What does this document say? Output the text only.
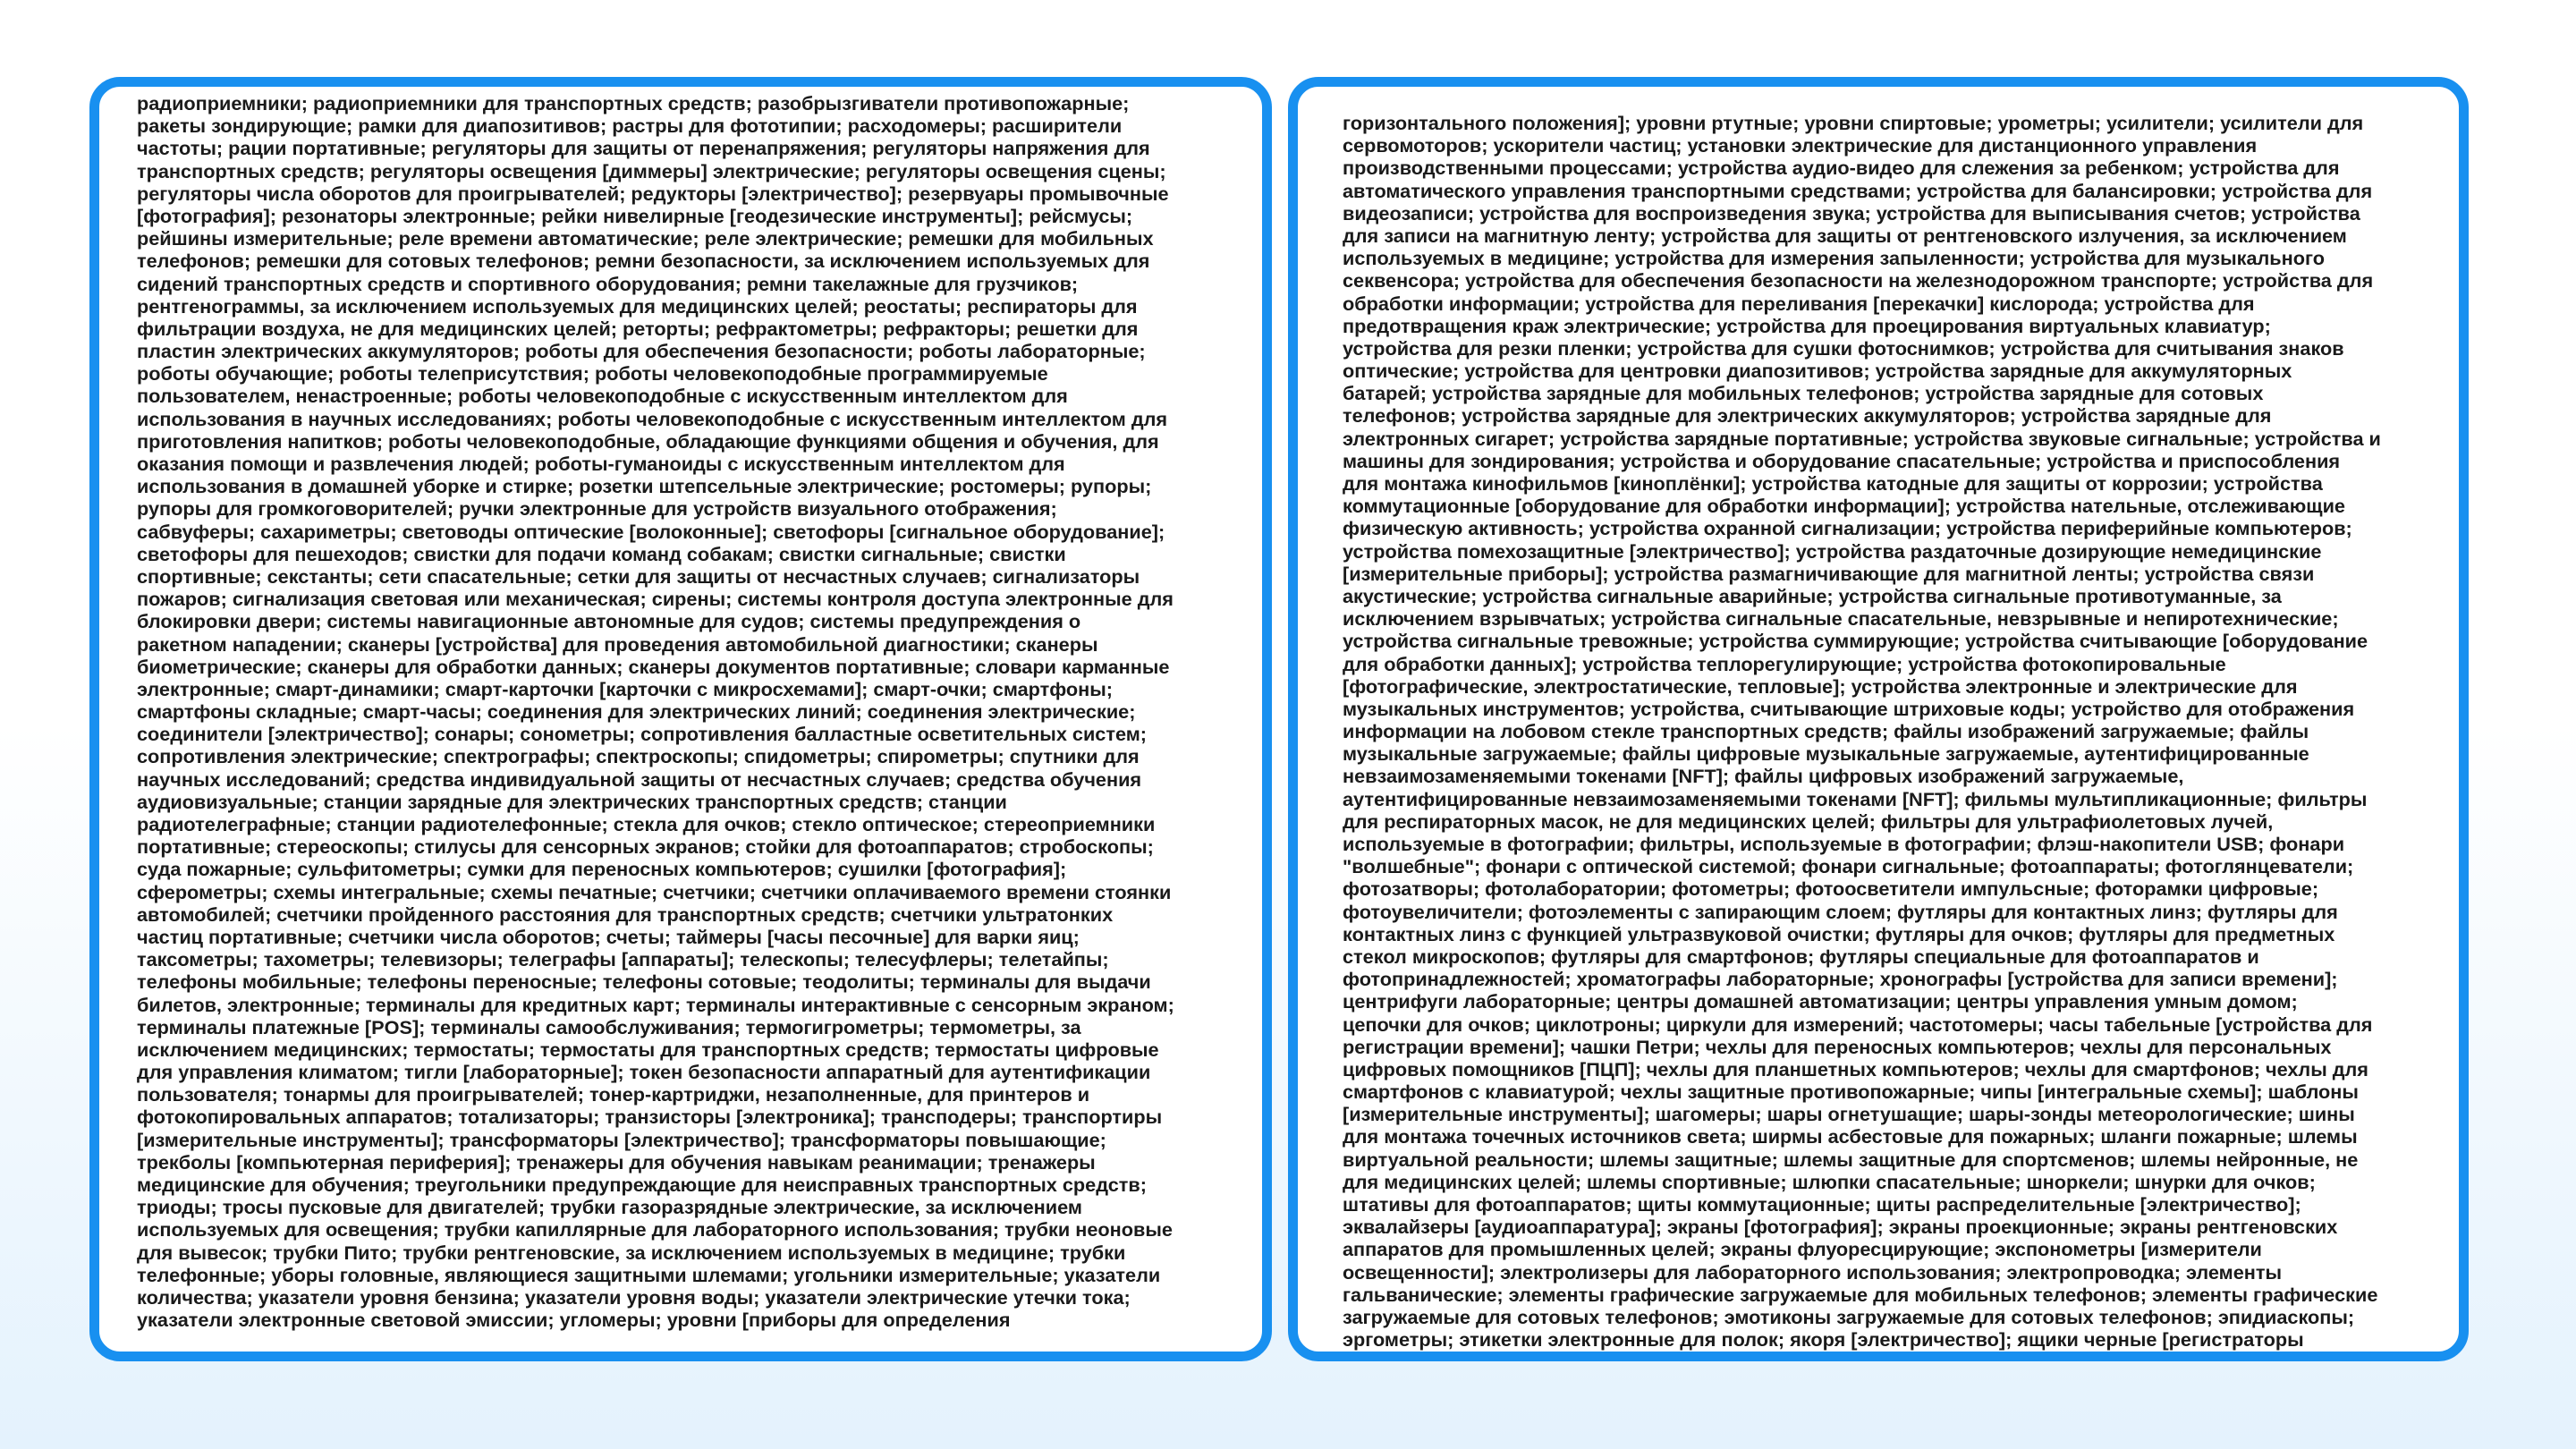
радиоприемники; радиоприемники для транспортных средств; разобрызгиватели противопожарные;
ракеты зондирующие; рамки для диапозитивов; растры для фототипии; расходомеры; расширители
частоты; рации портативные; регуляторы для защиты от перенапряжения; регуляторы напряжения для
транспортных средств; регуляторы освещения [диммеры] электрические; регуляторы освещения сцены;
регуляторы числа оборотов для проигрывателей; редукторы [электричество]; резервуары промывочные
[фотография]; резонаторы электронные; рейки нивелирные [геодезические инструменты]; рейсмусы;
рейшины измерительные; реле времени автоматические; реле электрические; ремешки для мобильных
телефонов; ремешки для сотовых телефонов; ремни безопасности, за исключением используемых для
сидений транспортных средств и спортивного оборудования; ремни такелажные для грузчиков;
рентгенограммы, за исключением используемых для медицинских целей; реостаты; респираторы для
фильтрации воздуха, не для медицинских целей; реторты; рефрактометры; рефракторы; решетки для
пластин электрических аккумуляторов; роботы для обеспечения безопасности; роботы лабораторные;
роботы обучающие; роботы телеприсутствия; роботы человекоподобные программируемые
пользователем, ненастроенные; роботы человекоподобные с искусственным интеллектом для
использования в научных исследованиях; роботы человекоподобные с искусственным интеллектом для
приготовления напитков; роботы человекоподобные, обладающие функциями общения и обучения, для
оказания помощи и развлечения людей; роботы-гуманоиды с искусственным интеллектом для
использования в домашней уборке и стирке; розетки штепсельные электрические; ростомеры; рупоры;
рупоры для громкоговорителей; ручки электронные для устройств визуального отображения;
сабвуферы; сахариметры; световоды оптические [волоконные]; светофоры [сигнальное оборудование];
светофоры для пешеходов; свистки для подачи команд собакам; свистки сигнальные; свистки
спортивные; секстанты; сети спасательные; сетки для защиты от несчастных случаев; сигнализаторы
пожаров; сигнализация световая или механическая; сирены; системы контроля доступа электронные для
блокировки двери; системы навигационные автономные для судов; системы предупреждения о
ракетном нападении; сканеры [устройства] для проведения автомобильной диагностики; сканеры
биометрические; сканеры для обработки данных; сканеры документов портативные; словари карманные
электронные; смарт-динамики; смарт-карточки [карточки с микросхемами]; смарт-очки; смартфоны;
смартфоны складные; смарт-часы; соединения для электрических линий; соединения электрические;
соединители [электричество]; сонары; сонометры; сопротивления балластные осветительных систем;
сопротивления электрические; спектрографы; спектроскопы; спидометры; спирометры; спутники для
научных исследований; средства индивидуальной защиты от несчастных случаев; средства обучения
аудиовизуальные; станции зарядные для электрических транспортных средств; станции
радиотелеграфные; станции радиотелефонные; стекла для очков; стекло оптическое; стереоприемники
портативные; стереоскопы; стилусы для сенсорных экранов; стойки для фотоаппаратов; стробоскопы;
суда пожарные; сульфитометры; сумки для переносных компьютеров; сушилки [фотография];
сферометры; схемы интегральные; схемы печатные; счетчики; счетчики оплачиваемого времени стоянки
автомобилей; счетчики пройденного расстояния для транспортных средств; счетчики ультратонких
частиц портативные; счетчики числа оборотов; счеты; таймеры [часы песочные] для варки яиц;
таксометры; тахометры; телевизоры; телеграфы [аппараты]; телескопы; телесуфлеры; телетайпы;
телефоны мобильные; телефоны переносные; телефоны сотовые; теодолиты; терминалы для выдачи
билетов, электронные; терминалы для кредитных карт; терминалы интерактивные с сенсорным экраном;
терминалы платежные [POS]; терминалы самообслуживания; термогигрометры; термометры, за
исключением медицинских; термостаты; термостаты для транспортных средств; термостаты цифровые
для управления климатом; тигли [лабораторные]; токен безопасности аппаратный для аутентификации
пользователя; тонармы для проигрывателей; тонер-картриджи, незаполненные, для принтеров и
фотокопировальных аппаратов; тотализаторы; транзисторы [электроника]; трансподеры; транспортиры
[измерительные инструменты]; трансформаторы [электричество]; трансформаторы повышающие;
трекболы [компьютерная периферия]; тренажеры для обучения навыкам реанимации; тренажеры
медицинские для обучения; треугольники предупреждающие для неисправных транспортных средств;
триоды; тросы пусковые для двигателей; трубки газоразрядные электрические, за исключением
используемых для освещения; трубки капиллярные для лабораторного использования; трубки неоновые
для вывесок; трубки Пито; трубки рентгеновские, за исключением используемых в медицине; трубки
телефонные; уборы головные, являющиеся защитными шлемами; угольники измерительные; указатели
количества; указатели уровня бензина; указатели уровня воды; указатели электрические утечки тока;
указатели электронные световой эмиссии; угломеры; уровни [приборы для определения
горизонтального положения]; уровни ртутные; уровни спиртовые; урометры; усилители; усилители для
сервомоторов; ускорители частиц; установки электрические для дистанционного управления
производственными процессами; устройства аудио-видео для слежения за ребенком; устройства для
автоматического управления транспортными средствами; устройства для балансировки; устройства для
видеозаписи; устройства для воспроизведения звука; устройства для выписывания счетов; устройства
для записи на магнитную ленту; устройства для защиты от рентгеновского излучения, за исключением
используемых в медицине; устройства для измерения запыленности; устройства для музыкального
секвенсора; устройства для обеспечения безопасности на железнодорожном транспорте; устройства для
обработки информации; устройства для переливания [перекачки] кислорода; устройства для
предотвращения краж электрические; устройства для проецирования виртуальных клавиатур;
устройства для резки пленки; устройства для сушки фотоснимков; устройства для считывания знаков
оптические; устройства для центровки диапозитивов; устройства зарядные для аккумуляторных
батарей; устройства зарядные для мобильных телефонов; устройства зарядные для сотовых
телефонов; устройства зарядные для электрических аккумуляторов; устройства зарядные для
электронных сигарет; устройства зарядные портативные; устройства звуковые сигнальные; устройства и
машины для зондирования; устройства и оборудование спасательные; устройства и приспособления
для монтажа кинофильмов [киноплёнки]; устройства катодные для защиты от коррозии; устройства
коммутационные [оборудование для обработки информации]; устройства нательные, отслеживающие
физическую активность; устройства охранной сигнализации; устройства периферийные компьютеров;
устройства помехозащитные [электричество]; устройства раздаточные дозирующие немедицинские
[измерительные приборы]; устройства размагничивающие для магнитной ленты; устройства связи
акустические; устройства сигнальные аварийные; устройства сигнальные противотуманные, за
исключением взрывчатых; устройства сигнальные спасательные, невзрывные и непиротехнические;
устройства сигнальные тревожные; устройства суммирующие; устройства считывающие [оборудование
для обработки данных]; устройства теплорегулирующие; устройства фотокопировальные
[фотографические, электростатические, тепловые]; устройства электронные и электрические для
музыкальных инструментов; устройства, считывающие штриховые коды; устройство для отображения
информации на лобовом стекле транспортных средств; файлы изображений загружаемые; файлы
музыкальные загружаемые; файлы цифровые музыкальные загружаемые, аутентифицированные
невзаимозаменяемыми токенами [NFT]; файлы цифровых изображений загружаемые,
аутентифицированные невзаимозаменяемыми токенами [NFT]; фильмы мультипликационные; фильтры
для респираторных масок, не для медицинских целей; фильтры для ультрафиолетовых лучей,
используемые в фотографии; фильтры, используемые в фотографии; флэш-накопители USB; фонари
"волшебные"; фонари с оптической системой; фонари сигнальные; фотоаппараты; фотоглянцеватели;
фотозатворы; фотолаборатории; фотометры; фотоосветители импульсные; фоторамки цифровые;
фотоувеличители; фотоэлементы с запирающим слоем; футляры для контактных линз; футляры для
контактных линз с функцией ультразвуковой очистки; футляры для очков; футляры для предметных
стекол микроскопов; футляры для смартфонов; футляры специальные для фотоаппаратов и
фотопринадлежностей; хроматографы лабораторные; хронографы [устройства для записи времени];
центрифуги лабораторные; центры домашней автоматизации; центры управления умным домом;
цепочки для очков; циклотроны; циркули для измерений; частотомеры; часы табельные [устройства для
регистрации времени]; чашки Петри; чехлы для переносных компьютеров; чехлы для персональных
цифровых помощников [ПЦП]; чехлы для планшетных компьютеров; чехлы для смартфонов; чехлы для
смартфонов с клавиатурой; чехлы защитные противопожарные; чипы [интегральные схемы]; шаблоны
[измерительные инструменты]; шагомеры; шары огнетушащие; шары-зонды метеорологические; шины
для монтажа точечных источников света; ширмы асбестовые для пожарных; шланги пожарные; шлемы
виртуальной реальности; шлемы защитные; шлемы защитные для спортсменов; шлемы нейронные, не
для медицинских целей; шлемы спортивные; шлюпки спасательные; шноркели; шнурки для очков;
штативы для фотоаппаратов; щиты коммутационные; щиты распределительные [электричество];
эквалайзеры [аудиоаппаратура]; экраны [фотография]; экраны проекционные; экраны рентгеновских
аппаратов для промышленных целей; экраны флуоресцирующие; экспонометры [измерители
освещенности]; электролизеры для лабораторного использования; электропроводка; элементы
гальванические; элементы графические загружаемые для мобильных телефонов; элементы графические
загружаемые для сотовых телефонов; эмотиконы загружаемые для сотовых телефонов; эпидиаскопы;
эргометры; этикетки электронные для полок; якоря [электричество]; ящики черные [регистраторы
